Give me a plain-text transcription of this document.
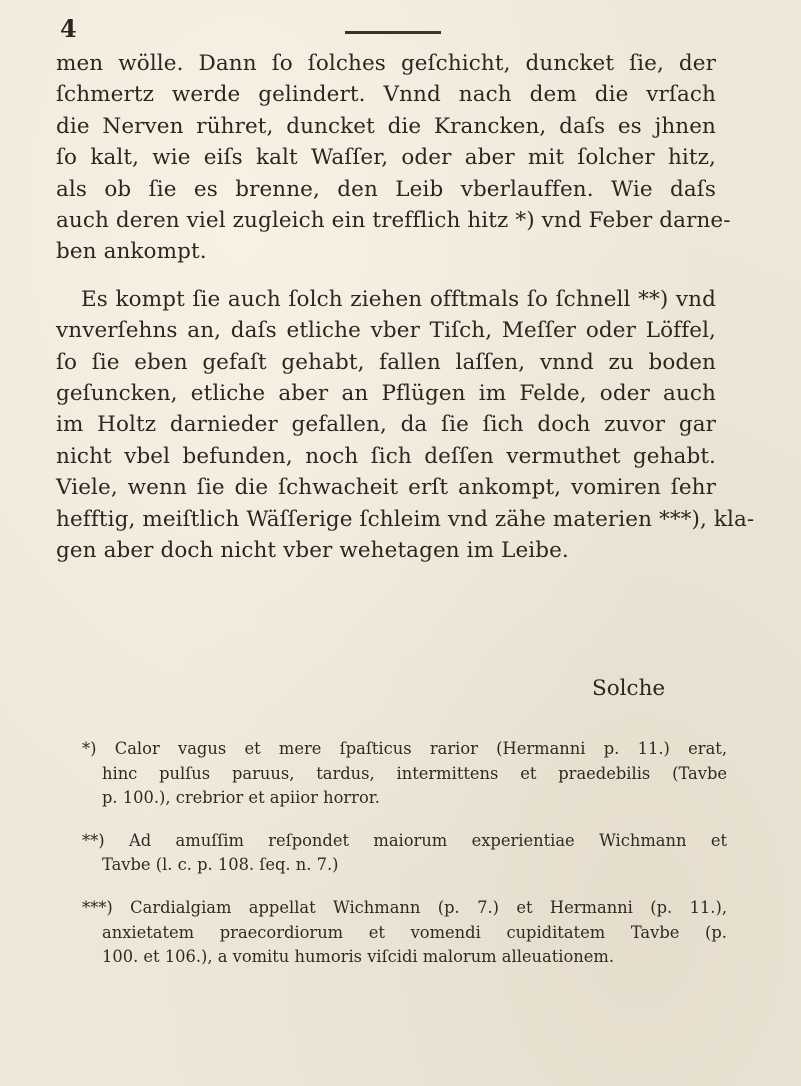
4
men wölle. Dann ſo ſolches geſchicht, duncket ſie, der
ſchmertz werde gelindert. Vnnd nach dem die vrſach
die Nerven rühret, duncket die Krancken, daſs es jhnen
ſo kalt, wie eiſs kalt Waſſer, oder aber mit ſolcher hitz,
als ob ſie es brenne, den Leib vberlauffen. Wie daſs
auch deren viel zugleich ein trefflich hitz *) vnd Feber darne-
ben ankompt.
Es kompt ſie auch ſolch ziehen offtmals ſo ſchnell **) vnd
vnverſehns an, daſs etliche vber Tiſch, Meſſer oder Löffel,
ſo ſie eben gefaſt gehabt, fallen laſſen, vnnd zu boden
geſuncken, etliche aber an Pflügen im Felde, oder auch
im Holtz darnieder gefallen, da ſie ſich doch zuvor gar
nicht vbel befunden, noch ſich deſſen vermuthet gehabt.
Viele, wenn ſie die ſchwacheit erſt ankompt, vomiren ſehr
hefftig, meiſtlich Wäſſerige ſchleim vnd zähe materien ***), kla-
gen aber doch nicht vber wehetagen im Leibe.
Solche
*) Calor vagus et mere ſpaſticus rarior (Hermanni p. 11.) erat,
hinc pulſus paruus, tardus, intermittens et praedebilis (Tavbe
p. 100.), crebrior et apiior horror.
**) Ad amuſſim reſpondet maiorum experientiae Wichmann et
Tavbe (l. c. p. 108. ſeq. n. 7.)
***) Cardialgiam appellat Wichmann (p. 7.) et Hermanni (p. 11.),
anxietatem praecordiorum et vomendi cupiditatem Tavbe (p.
100. et 106.), a vomitu humoris viſcidi malorum alleuationem.
